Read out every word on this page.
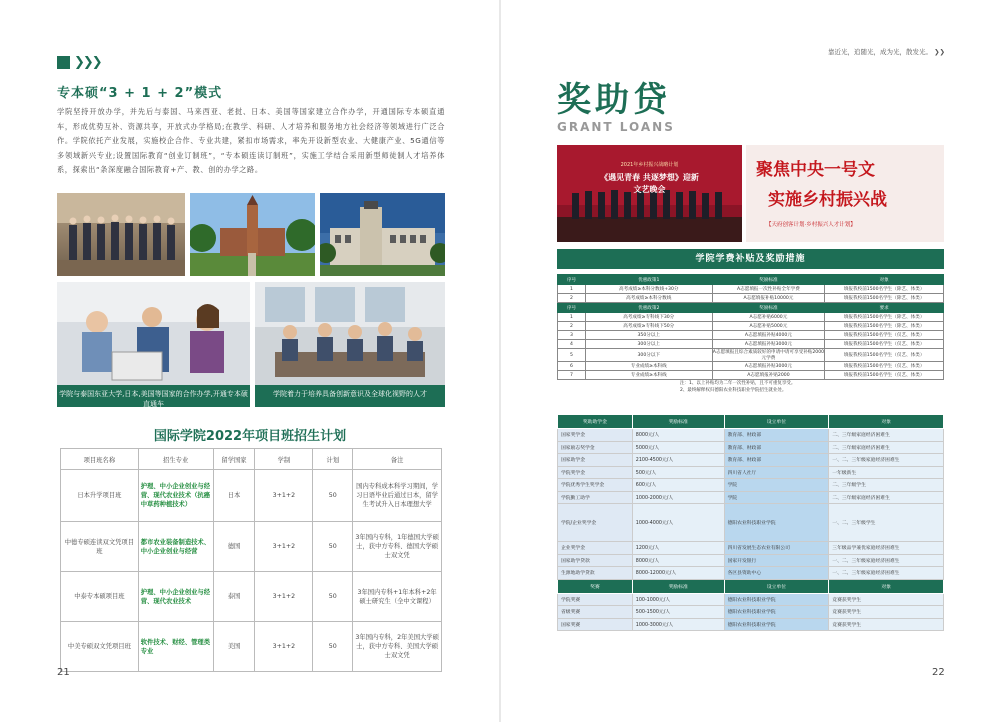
❯❯❯
专本硕“3 + 1 + 2”模式
学院坚持开放办学，并先后与泰国、马来西亚、老挝、日本、美国等国家建立合作办学，开通国际专本硕直通车，形成优势互补、资源共享，开放式办学格局;在教学、科研、人才培养和服务地方社会经济等领域进行广泛合作。学院依托产业发展，实施校企合作、专业共建，紧扣市场需求，率先开设新型农业、大健康产业、5G通信等多领域新兴专业;设置国际教育“创业订制班”，“专本硕连读订制班”，实施工学结合采用新型师徒制人才培养体系，探索出“条深度融合国际教育+产、教、创的办学之路。
学院与泰国东亚大学,日本,美国等国家的合作办学,开通专本硕直通车
学院着力于培养具备创新意识及全球化视野的人才
国际学院2022年项目班招生计划
项目班名称	招生专业	留学国家	学制	计划	备注
日本升学项目班	护理、中小企业创业与经营、现代农业技术（抗癌中草药种植技术）	日本	3+1+2	50	国内专科成本科学习期间，学习日语毕业后通过日本，留学生考试升入日本理想大学
中德专硕连读双文凭项目班	都市农业装备制造技术、中小企业创业与经营	德国	3+1+2	50	3年国内专科，1年德国大学硕士，获中方专科、德国大学硕士双文凭
中泰专本硕项目班	护理、中小企业创业与经营、现代农业技术	泰国	3+1+2	50	3年国内专科+1年本科+2年硕士研究生（全中文课程）
中美专硕双文凭项目班	软件技术、财经、管理类专业	美国	3+1+2	50	3年国内专科，2年美国大学硕士，获中方专科、美国大学硕士双文凭
21
靠近光，追随光，成为光，散发光。 ❯❯
奖助贷
GRANT LOANS
2021年乡村振兴战略计划
《遇见青春 共逐梦想》迎新
文艺晚会
聚焦中央一号文
实施乡村振兴战
【天府创客计划·乡村振兴人才计划】
学院学费补贴及奖励措施
序号	优惠政策1	奖励标准	对象
1	高考成绩≥本科分数线+30分	A志愿填报一次性补贴全年学费	填报我校前1500名学生（除艺、体类）
2	高考成绩≥本科分数线	A志愿填报补贴10000元	填报我校前1500名学生（除艺、体类）
序号	优惠政策2	奖励标准	要求
1	高考成绩≥专科线下30分	A志愿补贴6000元	填报我校前1500名学生（除艺、体类）
2	高考成绩≥专科线下50分	A志愿补贴5000元	填报我校前1500名学生（除艺、体类）
3	350分以上	A志愿填报补贴4000元	填报我校前1500名学生（仅艺、体类）
4	300分以上	A志愿填报补贴3000元	填报我校前1500名学生（仅艺、体类）
5	300分以下	A志愿填报且综合素质较好的申请中请可享受补贴2000元学费	填报我校前1500名学生（仅艺、体类）
6	专业成绩≥本科线	A志愿填报补贴3000元	填报我校前1500名学生（仅艺、体类）
7	专业成绩≥本科线	A志愿填报补贴2000	填报我校前1500名学生（仅艺、体类）
注：1、以上补贴均为二年一次性补贴，且不可重复享受。
2、最终解释权归德阳农业科技职业学院招生就业处。
奖助助学金	奖励标准	设立单位	对象
国家奖学金	8000元/人	教育部、财政部	二、三年级家庭经济困难生
国家励志奖学金	5000元/人	教育部、财政部	二、三年级家庭经济困难生
国家助学金	2100-4500元/人	教育部、财政部	一、二、三年级家庭经济困难生
学院奖学金	500元/人	四川省人社厅	一年级新生
学院优秀学生奖学金	600元/人	学院	二、三年级学生
学院勤工助学	1000-2000元/人	学院	二、三年级家庭经济困难生
学院/企业奖学金	1000-4000元/人	德阳农业科技职业学院	一、二、三年级学生
企业奖学金	1200元/人	四川省发展生态农业有限公司	三年级品学兼优家庭经济困难生
国家助学贷款	8000元/人	国家开发银行	一、二、三年级家庭经济困难生
生源地助学贷款	8000-12000元/人	各区县资助中心	一、二、三年级家庭经济困难生
奖赛	奖励标准	设立单位	对象
学院奖赛	100-1000元/人	德阳农业科技职业学院	竞赛获奖学生
省级奖赛	500-1500元/人	德阳农业科技职业学院	竞赛获奖学生
国家奖赛	1000-3000元/人	德阳农业科技职业学院	竞赛获奖学生
22
